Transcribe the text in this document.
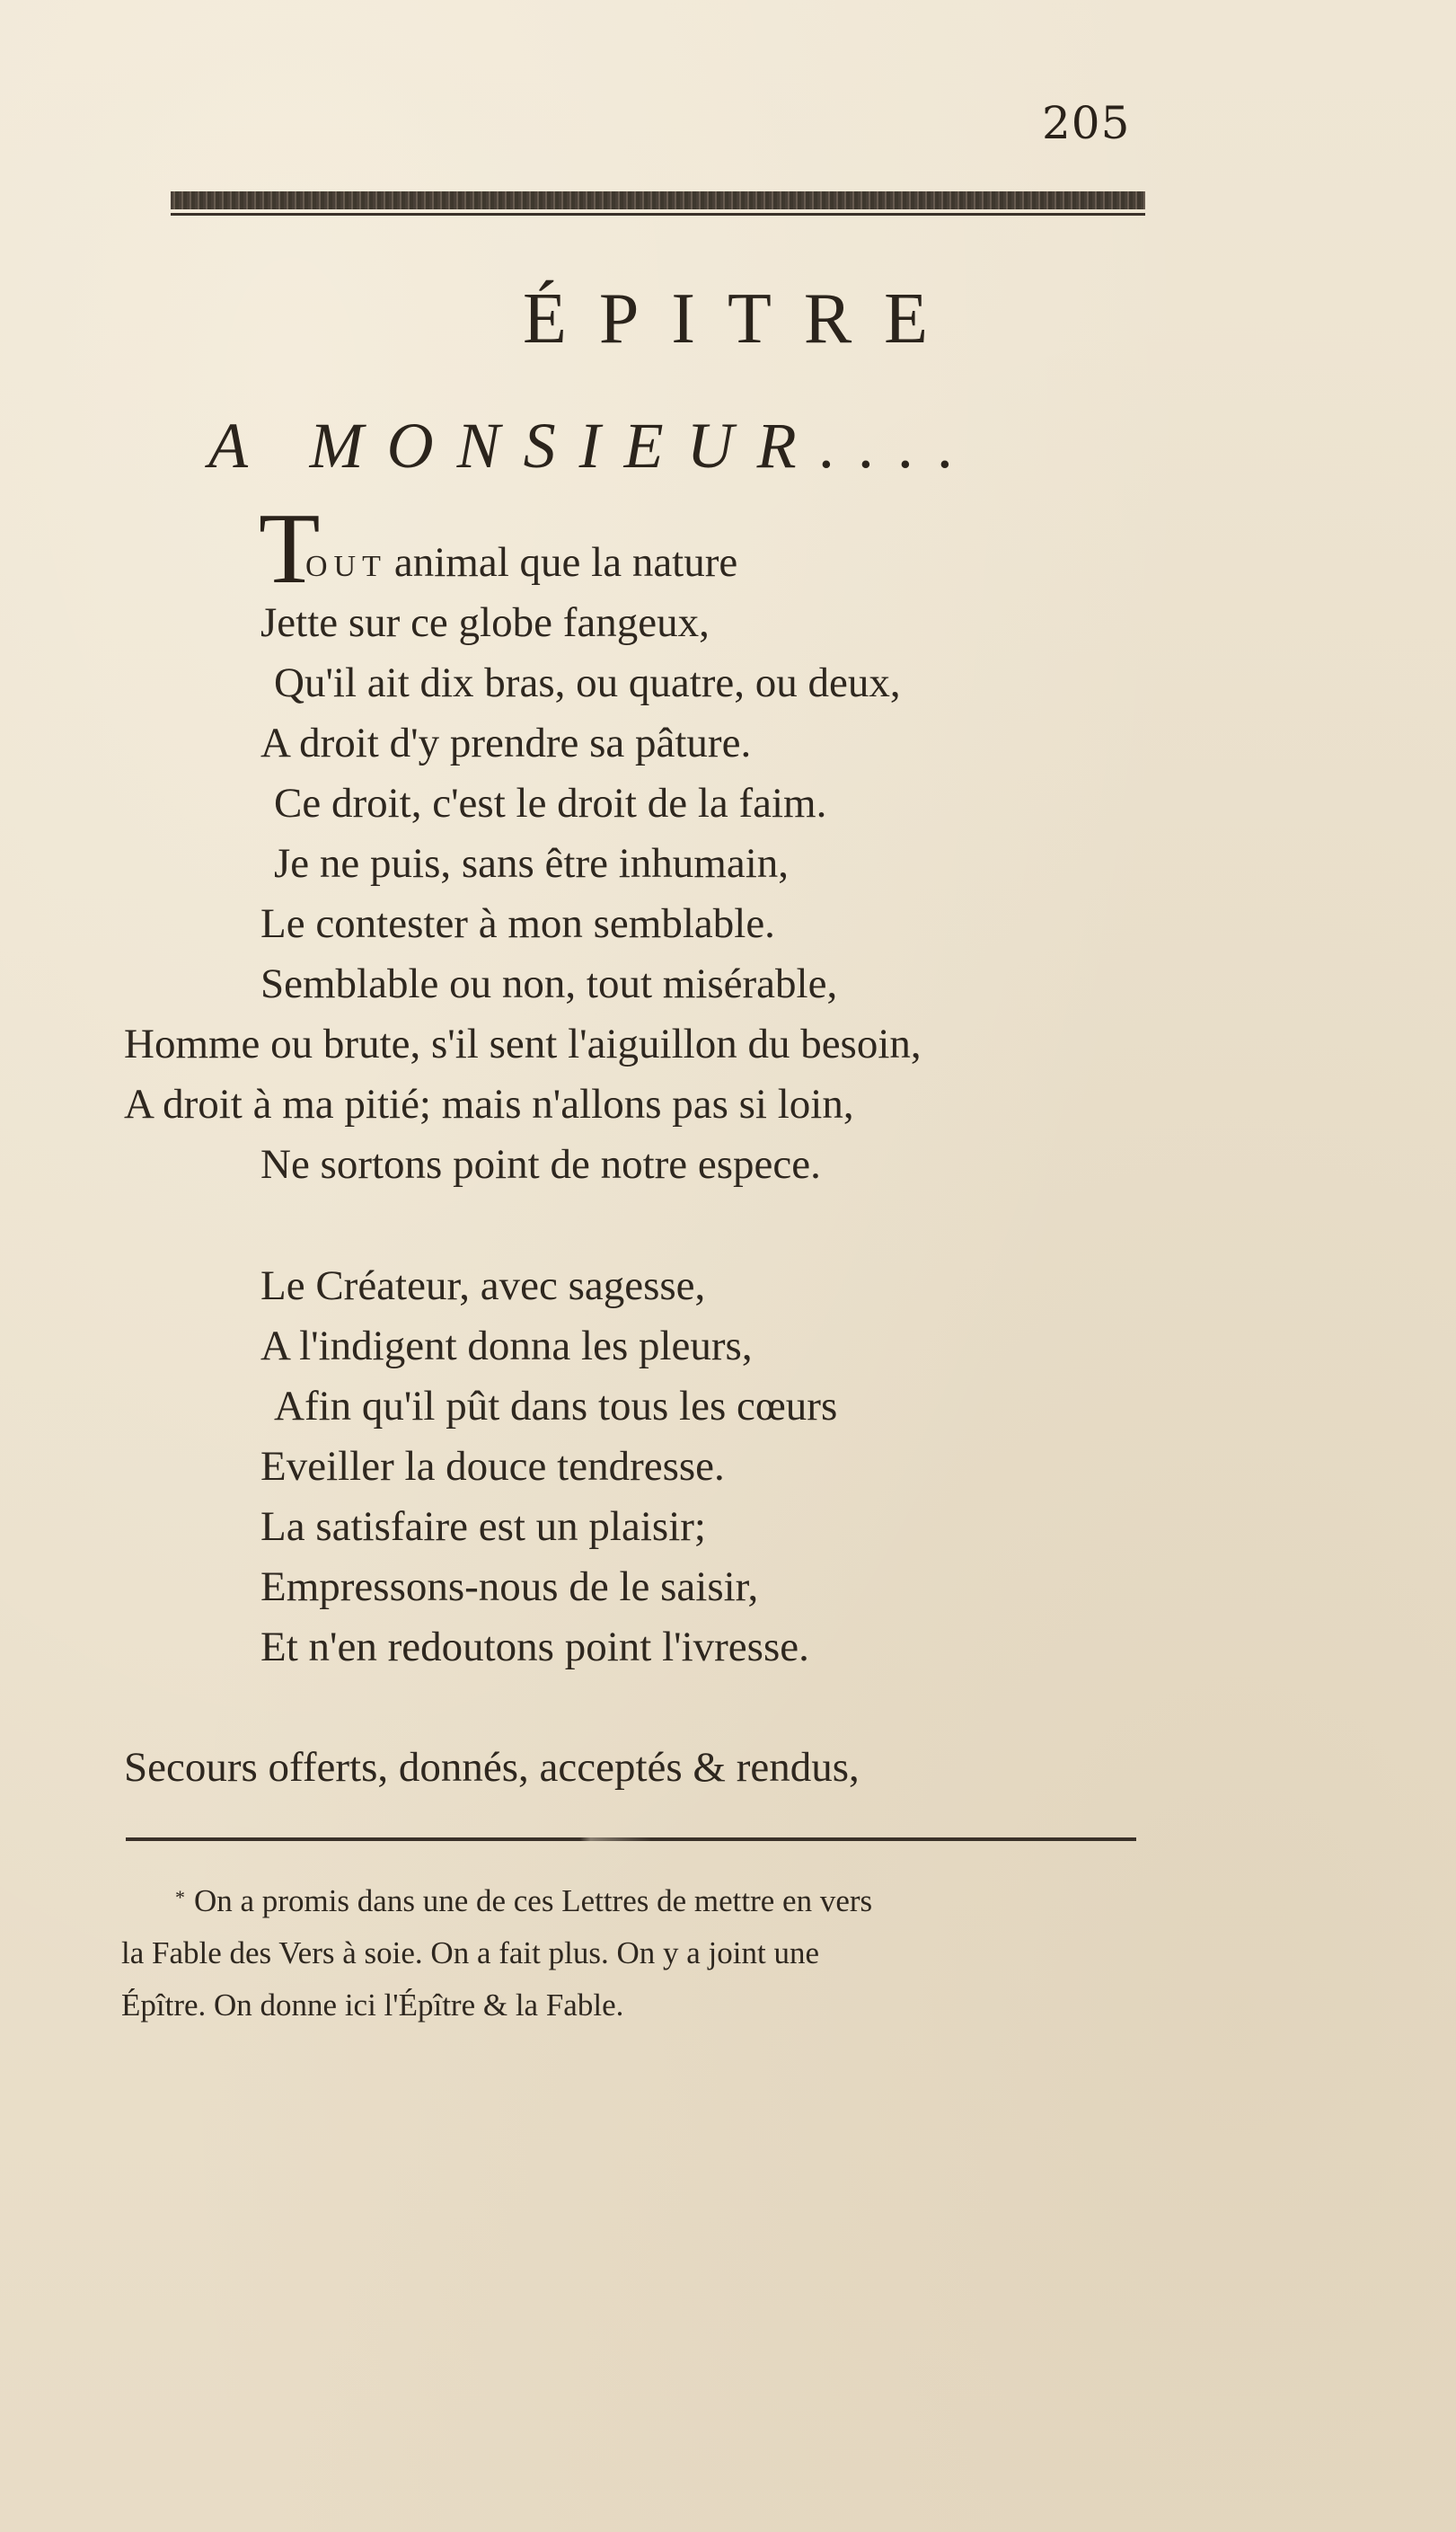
205
ÉPITRE
A MONSIEUR....
T
OUT animal que la nature
Jette sur ce globe fangeux,
Qu'il ait dix bras, ou quatre, ou deux,
A droit d'y prendre sa pâture.
Ce droit, c'est le droit de la faim.
Je ne puis, sans être inhumain,
Le contester à mon semblable.
Semblable ou non, tout misérable,
Homme ou brute, s'il sent l'aiguillon du besoin,
A droit à ma pitié; mais n'allons pas si loin,
Ne sortons point de notre espece.
Le Créateur, avec sagesse,
A l'indigent donna les pleurs,
Afin qu'il pût dans tous les cœurs
Eveiller la douce tendresse.
La satisfaire est un plaisir;
Empressons-nous de le saisir,
Et n'en redoutons point l'ivresse.
Secours offerts, donnés, acceptés & rendus,
* On a promis dans une de ces Lettres de mettre en vers
la Fable des Vers à soie. On a fait plus. On y a joint une
Épître. On donne ici l'Épître & la Fable.
